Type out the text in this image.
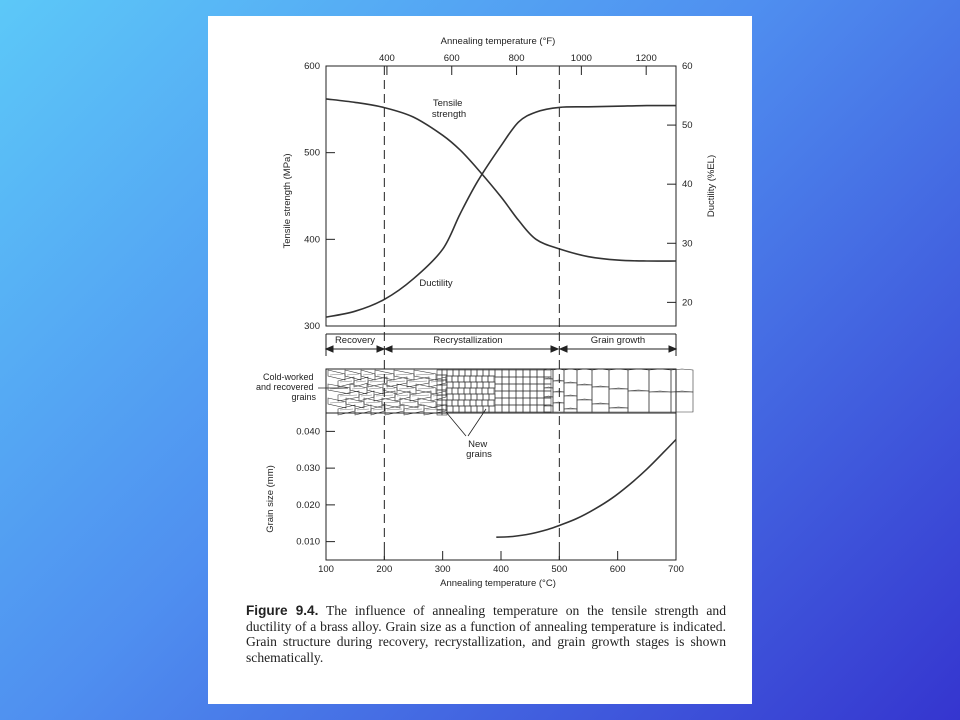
Annealing temperature (°F)
400	600	800	1000	1200
300
400
500
600
20
30
40
50
60
Tensile strength (MPa)	Ductility (%EL)
Tensile strength
Ductility
Recovery	Recrystallization	Grain growth
Cold-worked and recovered grains
New grains
0.010
0.020
0.030
0.040
100	200	300	400	500	600	700
Grain size (mm)
Annealing temperature (°C)
Figure 9.4. The influence of annealing temperature on the tensile strength and ductility of a brass alloy. Grain size as a function of annealing temperature is indicated. Grain structure during recovery, recrystallization, and grain growth stages is shown schematically.
